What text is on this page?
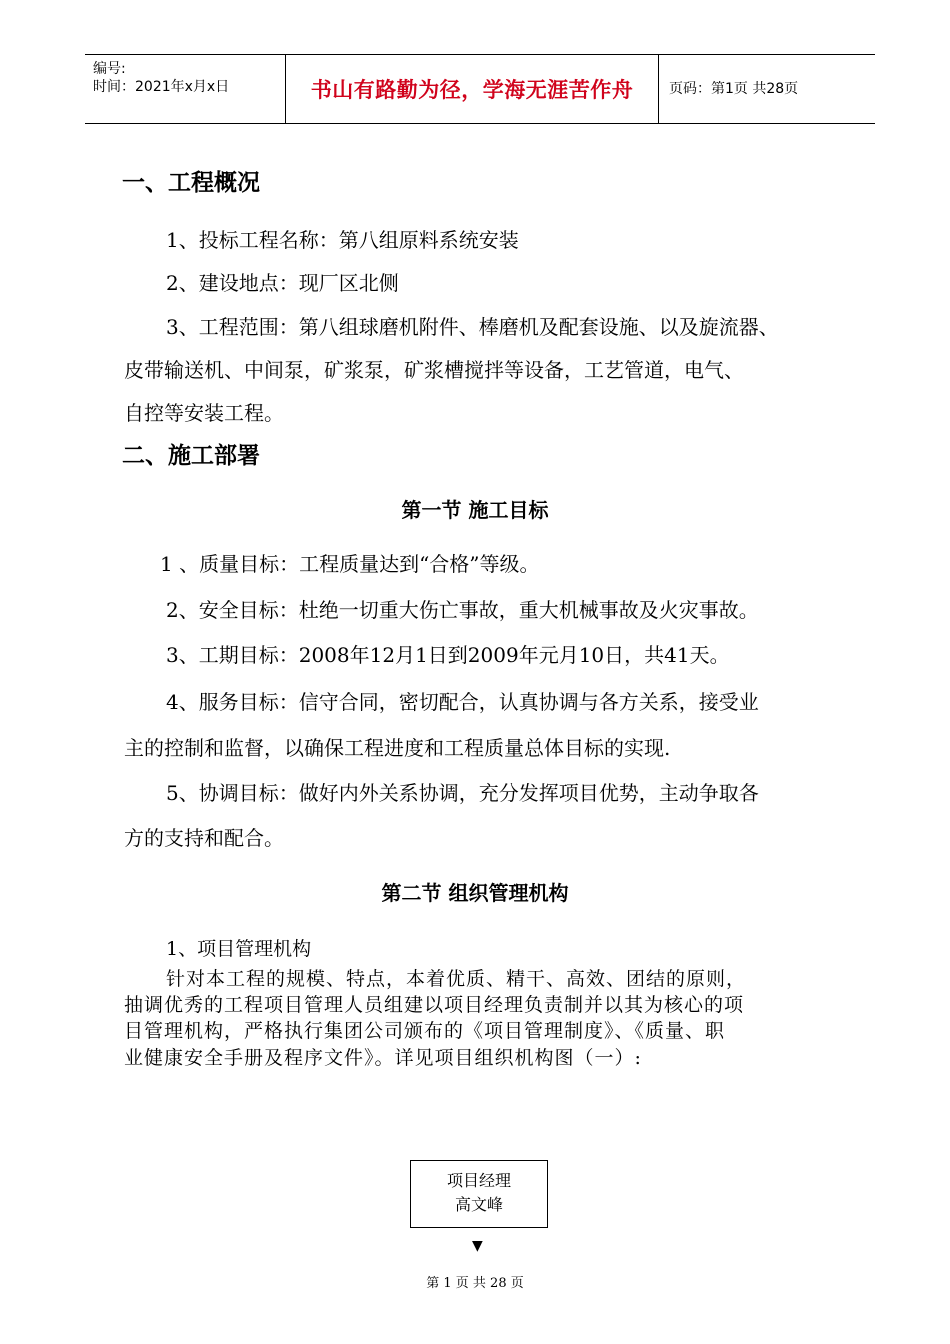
编号:
时间：2021年x月x日	书山有路勤为径，学海无涯苦作舟	页码：第1页 共28页
一、工程概况
1、投标工程名称：第八组原料系统安装
2、建设地点：现厂区北侧
3、工程范围：第八组球磨机附件、棒磨机及配套设施、以及旋流器、
皮带输送机、中间泵，矿浆泵，矿浆槽搅拌等设备，工艺管道，电气、
自控等安装工程。
二、施工部署
第一节 施工目标
1 、质量目标：工程质量达到“合格”等级。
2、安全目标：杜绝一切重大伤亡事故，重大机械事故及火灾事故。
3、工期目标：2008年12月1日到2009年元月10日，共41天。
4、服务目标：信守合同，密切配合，认真协调与各方关系，接受业
主的控制和监督，以确保工程进度和工程质量总体目标的实现.
5、协调目标：做好内外关系协调，充分发挥项目优势，主动争取各
方的支持和配合。
第二节 组织管理机构
1、项目管理机构
针对本工程的规模、特点，本着优质、精干、高效、团结的原则，
抽调优秀的工程项目管理人员组建以项目经理负责制并以其为核心的项
目管理机构，严格执行集团公司颁布的《项目管理制度》、《质量、职
业健康安全手册及程序文件》。详见项目组织机构图（一）:
项目经理
高文峰
▼
第 1 页 共 28 页
